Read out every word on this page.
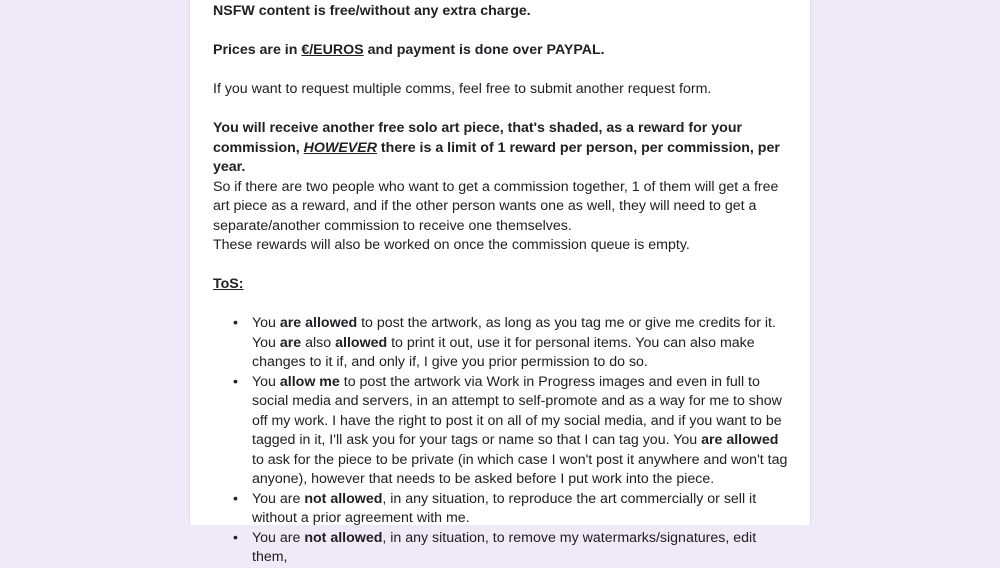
NSFW content is free/without any extra charge.

Prices are in €/EUROS and payment is done over PAYPAL.

If you want to request multiple comms, feel free to submit another request form.

You will receive another free solo art piece, that's shaded, as a reward for your commission, HOWEVER there is a limit of 1 reward per person, per commission, per year.

So if there are two people who want to get a commission together, 1 of them will get a free art piece as a reward, and if the other person wants one as well, they will need to get a separate/another commission to receive one themselves.

These rewards will also be worked on once the commission queue is empty.

ToS:

• You are allowed to post the artwork, as long as you tag me or give me credits for it. You are also allowed to print it out, use it for personal items. You can also make changes to it if, and only if, I give you prior permission to do so.
• You allow me to post the artwork via Work in Progress images and even in full to social media and servers, in an attempt to self-promote and as a way for me to show off my work. I have the right to post it on all of my social media, and if you want to be tagged in it, I'll ask you for your tags or name so that I can tag you. You are allowed to ask for the piece to be private (in which case I won't post it anywhere and won't tag anyone), however that needs to be asked before I put work into the piece.
• You are not allowed, in any situation, to reproduce the art commercially or sell it without a prior agreement with me.
• You are not allowed, in any situation, to remove my watermarks/signatures, edit them,
